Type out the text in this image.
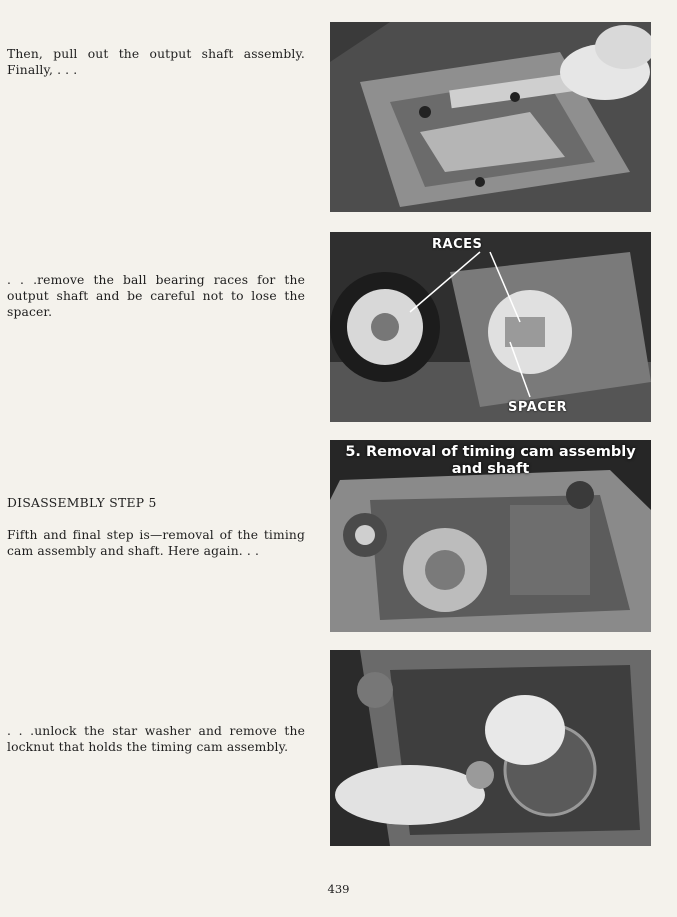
Then, pull out the output shaft assembly. Finally, . . .

. . .remove the ball bearing races for the output shaft and be careful not to lose the spacer.

DISASSEMBLY STEP 5

Fifth and final step is—removal of the timing cam assembly and shaft. Here again. . .

. . .unlock the star washer and remove the locknut that holds the timing cam assembly.

RACES
SPACER
5. Removal of timing cam assembly
and shaft

439
